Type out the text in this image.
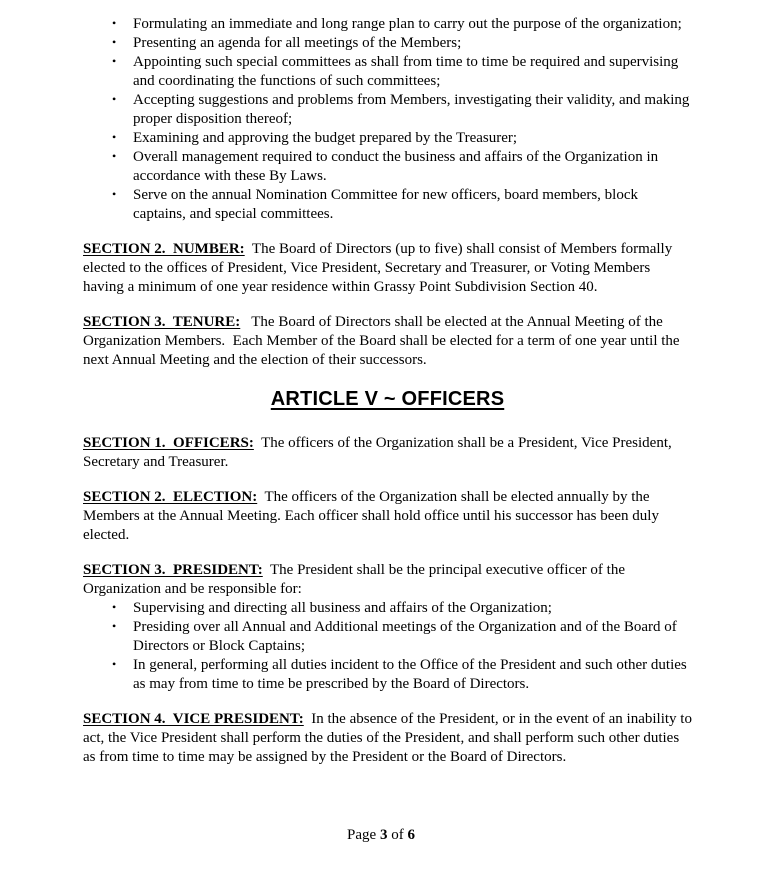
• Formulating an immediate and long range plan to carry out the purpose of the organization;
• Presenting an agenda for all meetings of the Members;
• Appointing such special committees as shall from time to time be required and supervising and coordinating the functions of such committees;
• Accepting suggestions and problems from Members, investigating their validity, and making proper disposition thereof;
• Examining and approving the budget prepared by the Treasurer;
• Overall management required to conduct the business and affairs of the Organization in accordance with these By Laws.
• Serve on the annual Nomination Committee for new officers, board members, block captains, and special committees.

SECTION 2.  NUMBER:  The Board of Directors (up to five) shall consist of Members formally elected to the offices of President, Vice President, Secretary and Treasurer, or Voting Members having a minimum of one year residence within Grassy Point Subdivision Section 40.

SECTION 3.  TENURE:   The Board of Directors shall be elected at the Annual Meeting of the Organization Members.  Each Member of the Board shall be elected for a term of one year until the next Annual Meeting and the election of their successors.

ARTICLE V ~ OFFICERS

SECTION 1.  OFFICERS:  The officers of the Organization shall be a President, Vice President, Secretary and Treasurer.

SECTION 2.  ELECTION:  The officers of the Organization shall be elected annually by the Members at the Annual Meeting. Each officer shall hold office until his successor has been duly elected.

SECTION 3.  PRESIDENT:  The President shall be the principal executive officer of the Organization and be responsible for:

• Supervising and directing all business and affairs of the Organization;
• Presiding over all Annual and Additional meetings of the Organization and of the Board of Directors or Block Captains;
• In general, performing all duties incident to the Office of the President and such other duties as may from time to time be prescribed by the Board of Directors.

SECTION 4.  VICE PRESIDENT:  In the absence of the President, or in the event of an inability to act, the Vice President shall perform the duties of the President, and shall perform such other duties as from time to time may be assigned by the President or the Board of Directors.

Page 3 of 6
